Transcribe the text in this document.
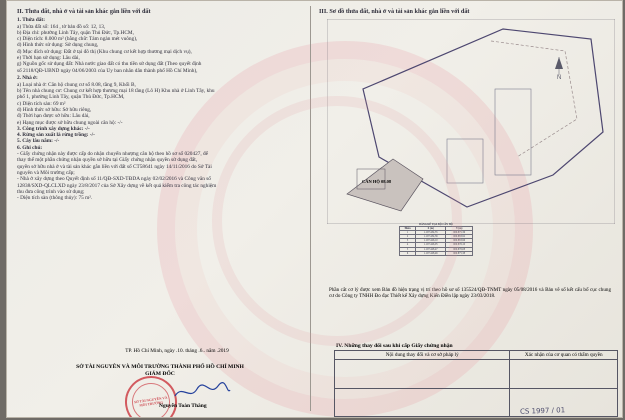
II. Thửa đất, nhà ở và tài sản khác gắn liền với đất
1. Thửa đất:
a) Thửa đất số: 164 , tờ bản đồ số: 12, 13,
b) Địa chỉ: phường Linh Tây, quận Thủ Đức, Tp.HCM,
c) Diện tích: 8.000 m² (bằng chữ: Tám ngàn mét vuông),
d) Hình thức sử dụng: Sử dụng chung,
đ) Mục đích sử dụng: Đất ở tại đô thị (Khu chung cư kết hợp thương mại dịch vụ),
e) Thời hạn sử dụng: Lâu dài,
g) Nguồn gốc sử dụng đất: Nhà nước giao đất có thu tiền sử dụng đất (Theo quyết định
số 2118/QĐ-UBND ngày 04/06/2003 của Ủy ban nhân dân thành phố Hồ Chí Minh),
2. Nhà ở:
a) Loại nhà ở: Căn hộ chung cư số 8.08, tầng 9, Khối B,
b) Tên nhà chung cư: Chung cư kết hợp thương mại 18 tầng (Lô H) Khu nhà ở Linh Tây, khu
phố 1, phường Linh Tây, quận Thủ Đức, Tp.HCM,
c) Diện tích sàn: 69 m²
d) Hình thức sở hữu: Sở hữu riêng,
đ) Thời hạn được sở hữu: Lâu dài,
e) Hạng mục được sở hữu chung ngoài căn hộ: -/-
3. Công trình xây dựng khác: -/-
4. Rừng sản xuất là rừng trồng: -/-
5. Cây lâu năm: -/-
6. Ghi chú:
- Giấy chứng nhận này được cấp do nhận chuyển nhượng căn hộ theo hồ sơ số 020427, để
thay thế một phần chứng nhận quyền sở hữu tại Giấy chứng nhận quyền sử dụng đất,
quyền sở hữu nhà ở và tài sản khác gắn liền với đất số CT58641 ngày 14/11/2016 do Sở Tài
nguyên và Môi trường cấp;
- Nhà ở xây dựng theo Quyết định số 11/QĐ-SXD-TĐDA ngày 02/02/2016 và Công văn số
12838/SXD-QLCLXD ngày 23/8/2017 của Sở Xây dựng về kết quả kiểm tra công tác nghiệm
thu đưa công trình vào sử dụng;
- Diện tích sàn (thông thủy): 75 m².
TP. Hồ Chí Minh, ngày .10. tháng .6.. năm .2019
SỞ TÀI NGUYÊN VÀ MÔI TRƯỜNG THÀNH PHỐ HỒ CHÍ MINH
GIÁM ĐỐC
SỞ TÀI NGUYÊN VÀ MÔI TRƯỜNG
Nguyễn Toàn Thắng
III. Sơ đồ thửa đất, nhà ở và tài sản khác gắn liền với đất
N
CĂN HỘ 08.08
BẢNG KÊ TỌA ĐỘ CĂN HỘ
Điểm	X (m)	Y (m)
1	1.197.434,35	600.875,36
2	1.197.434,36	600.883,92
3	1.197.426,10	600.883,96
4	1.197.426,05	600.876,10
5	1.197.428,47	600.876,08
6	1.197.428,46	600.875,38
Phần cắt cơ lý được xem Bản đồ hiện trạng vị trí theo hồ sơ số 135524/QĐ-TNMT ngày 05/08/2016 và Bản vẽ số kết cấu bố cục chung cư do Công ty TNHH Đo đạc Thiết kế Xây dựng Kiến Điền lập ngày 23/03/2018.
IV. Những thay đổi sau khi cấp Giấy chứng nhận
Nội dung thay đổi và cơ sở pháp lý	Xác nhận của cơ quan có thẩm quyền

CS 1997 / 01
